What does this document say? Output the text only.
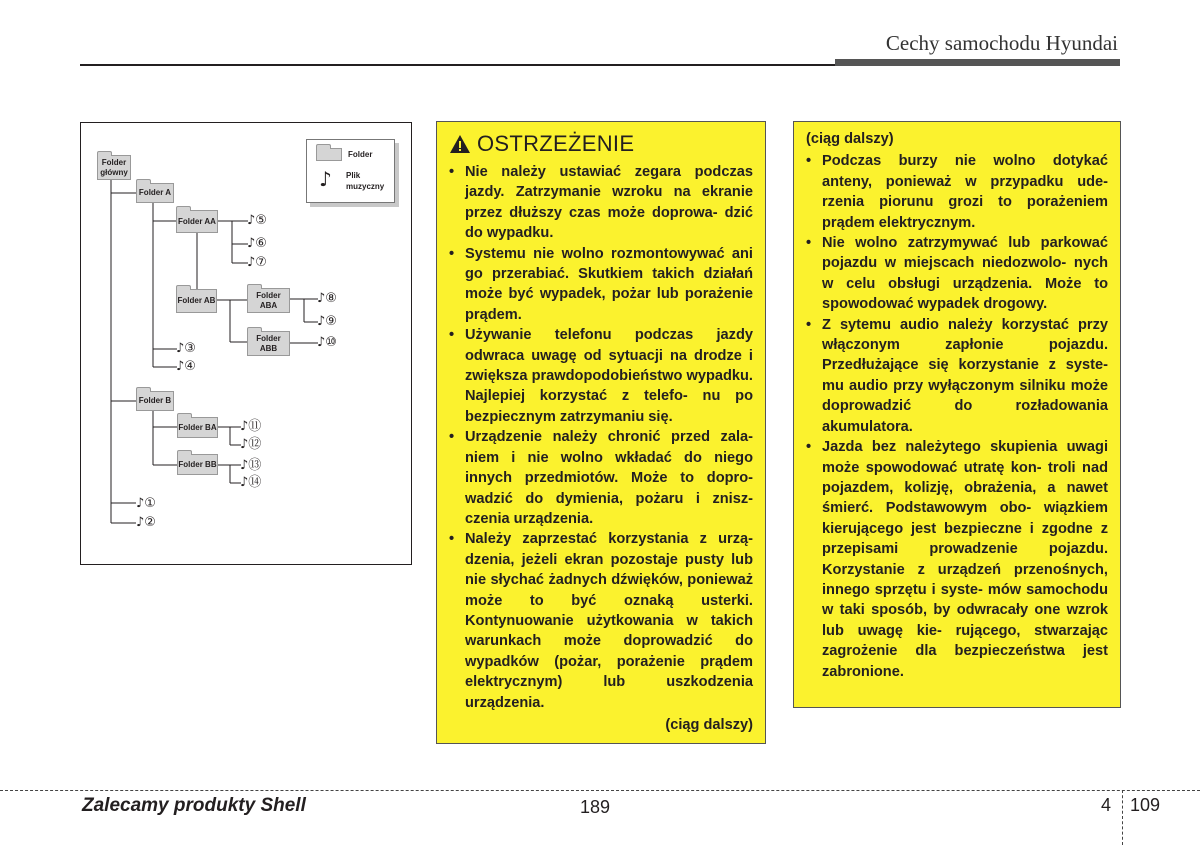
Cechy samochodu Hyundai
Folder
♪ Plik
muzyczny
Folder
główny
Folder A
Folder AA
Folder AB
Folder
ABA
Folder
ABB
Folder B
Folder BA
Folder BB
♪⑤
♪⑥
♪⑦
♪⑧
♪⑨
♪⑩
♪③
♪④
♪⑪
♪⑫
♪⑬
♪⑭
♪①
♪②
OSTRZEŻENIE
• Nie należy ustawiać zegara podczas jazdy. Zatrzymanie wzroku na ekranie przez dłuższy czas może doprowa- dzić do wypadku.
• Systemu nie wolno rozmontowywać ani go przerabiać. Skutkiem takich działań może być wypadek, pożar lub porażenie prądem.
• Używanie telefonu podczas jazdy odwraca uwagę od sytuacji na drodze i zwiększa prawdopodobieństwo wypadku. Najlepiej korzystać z telefo- nu po bezpiecznym zatrzymaniu się.
• Urządzenie należy chronić przed zala- niem i nie wolno wkładać do niego innych przedmiotów. Może to dopro- wadzić do dymienia, pożaru i znisz- czenia urządzenia.
• Należy zaprzestać korzystania z urzą- dzenia, jeżeli ekran pozostaje pusty lub nie słychać żadnych dźwięków, ponieważ może to być oznaką usterki. Kontynuowanie użytkowania w takich warunkach może doprowadzić do wypadków (pożar, porażenie prądem elektrycznym) lub uszkodzenia urządzenia.
(ciąg dalszy)
(ciąg dalszy)
• Podczas burzy nie wolno dotykać anteny, ponieważ w przypadku ude- rzenia piorunu grozi to porażeniem prądem elektrycznym.
• Nie wolno zatrzymywać lub parkować pojazdu w miejscach niedozwolo- nych w celu obsługi urządzenia. Może to spowodować wypadek drogowy.
• Z sytemu audio należy korzystać przy włączonym zapłonie pojazdu. Przedłużające się korzystanie z syste- mu audio przy wyłączonym silniku może doprowadzić do rozładowania akumulatora.
• Jazda bez należytego skupienia uwagi może spowodować utratę kon- troli nad pojazdem, kolizję, obrażenia, a nawet śmierć. Podstawowym obo- wiązkiem kierującego jest bezpieczne i zgodne z przepisami prowadzenie pojazdu. Korzystanie z urządzeń przenośnych, innego sprzętu i syste- mów samochodu w taki sposób, by odwracały one wzrok lub uwagę kie- rującego, stwarzając zagrożenie dla bezpieczeństwa jest zabronione.
Zalecamy produkty Shell	189	4 109
